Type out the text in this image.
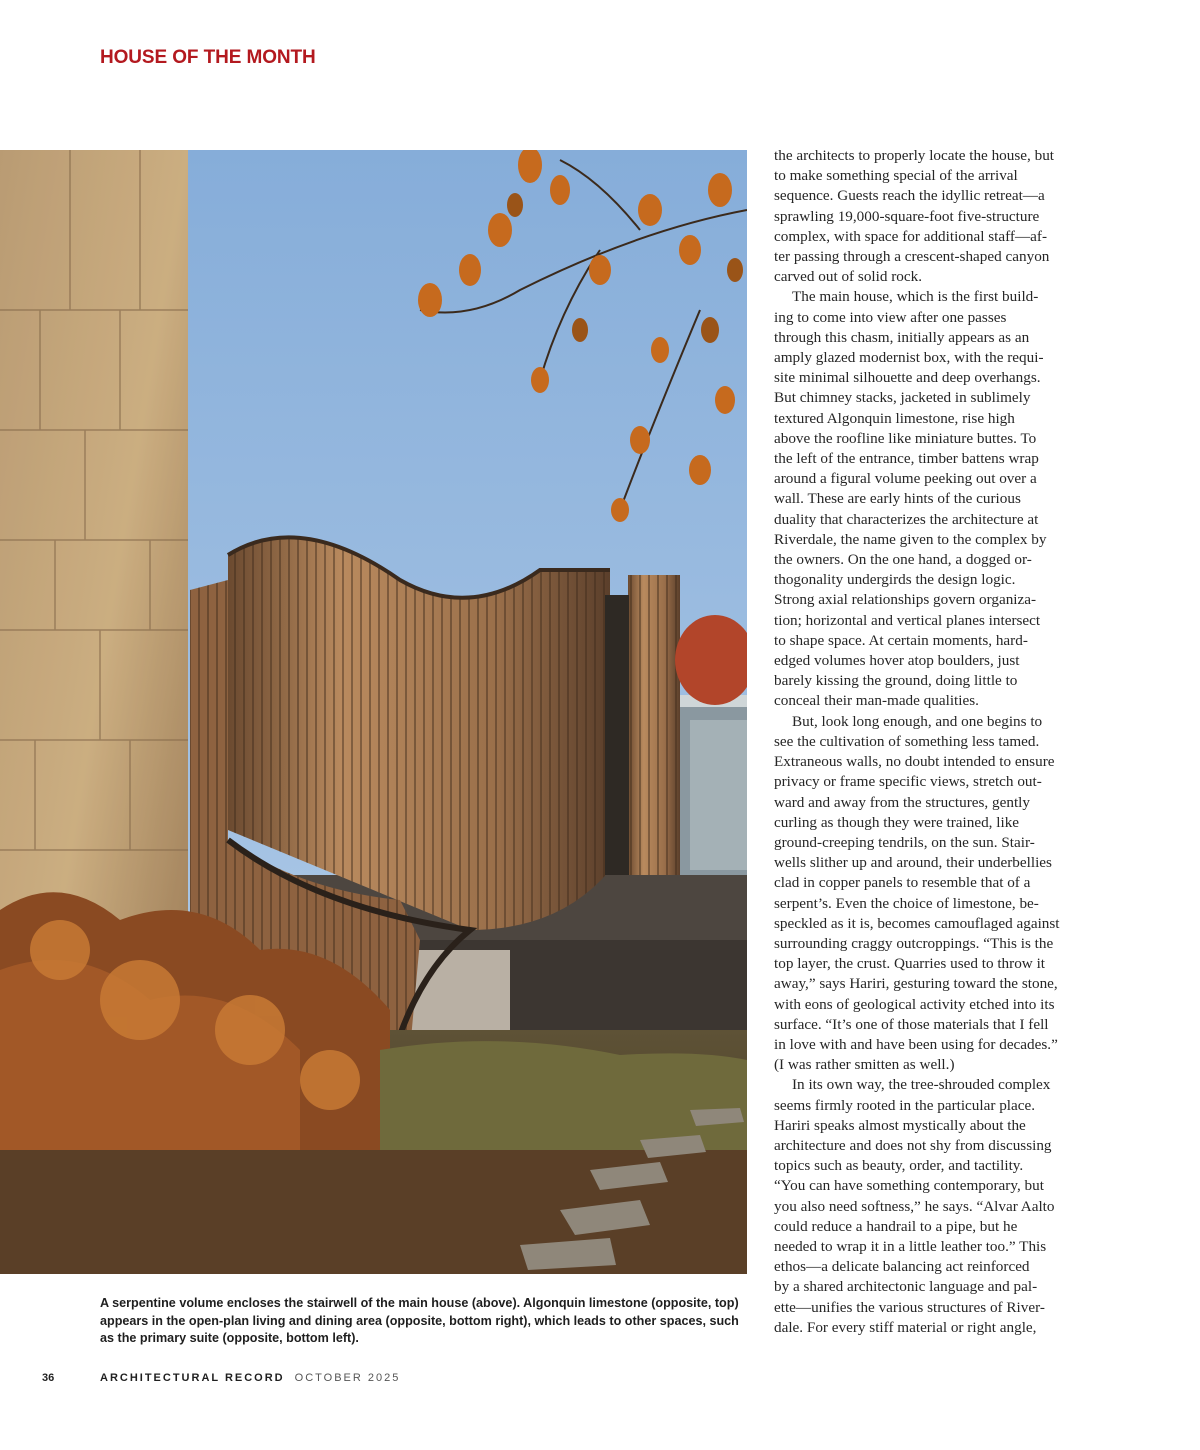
HOUSE OF THE MONTH
A serpentine volume encloses the stairwell of the main house (above). Algonquin limestone (opposite, top) appears in the open-plan living and dining area (opposite, bottom right), which leads to other spaces, such as the primary suite (opposite, bottom left).

the architects to properly locate the house, but

to make something special of the arrival

sequence. Guests reach the idyllic retreat—a

sprawling 19,000-square-foot five-structure

complex, with space for additional staff—af-

ter passing through a crescent-shaped canyon

carved out of solid rock.

The main house, which is the first build-

ing to come into view after one passes

through this chasm, initially appears as an

amply glazed modernist box, with the requi-

site minimal silhouette and deep overhangs.

But chimney stacks, jacketed in sublimely

textured Algonquin limestone, rise high

above the roofline like miniature buttes. To

the left of the entrance, timber battens wrap

around a figural volume peeking out over a

wall. These are early hints of the curious

duality that characterizes the architecture at

Riverdale, the name given to the complex by

the owners. On the one hand, a dogged or-

thogonality undergirds the design logic.

Strong axial relationships govern organiza-

tion; horizontal and vertical planes intersect

to shape space. At certain moments, hard-

edged volumes hover atop boulders, just

barely kissing the ground, doing little to

conceal their man-made qualities.

But, look long enough, and one begins to

see the cultivation of something less tamed.

Extraneous walls, no doubt intended to ensure

privacy or frame specific views, stretch out-

ward and away from the structures, gently

curling as though they were trained, like

ground-creeping tendrils, on the sun. Stair-

wells slither up and around, their underbellies

clad in copper panels to resemble that of a

serpent’s. Even the choice of limestone, be-

speckled as it is, becomes camouflaged against

surrounding craggy outcroppings. “This is the

top layer, the crust. Quarries used to throw it

away,” says Hariri, gesturing toward the stone,

with eons of geological activity etched into its

surface. “It’s one of those materials that I fell

in love with and have been using for decades.”

(I was rather smitten as well.)

In its own way, the tree-shrouded complex

seems firmly rooted in the particular place.

Hariri speaks almost mystically about the

architecture and does not shy from discussing

topics such as beauty, order, and tactility.

“You can have something contemporary, but

you also need softness,” he says. “Alvar Aalto

could reduce a handrail to a pipe, but he

needed to wrap it in a little leather too.” This

ethos—a delicate balancing act reinforced

by a shared architectonic language and pal-

ette—unifies the various structures of River-

dale. For every stiff material or right angle,

36	ARCHITECTURAL RECORD OCTOBER 2025
